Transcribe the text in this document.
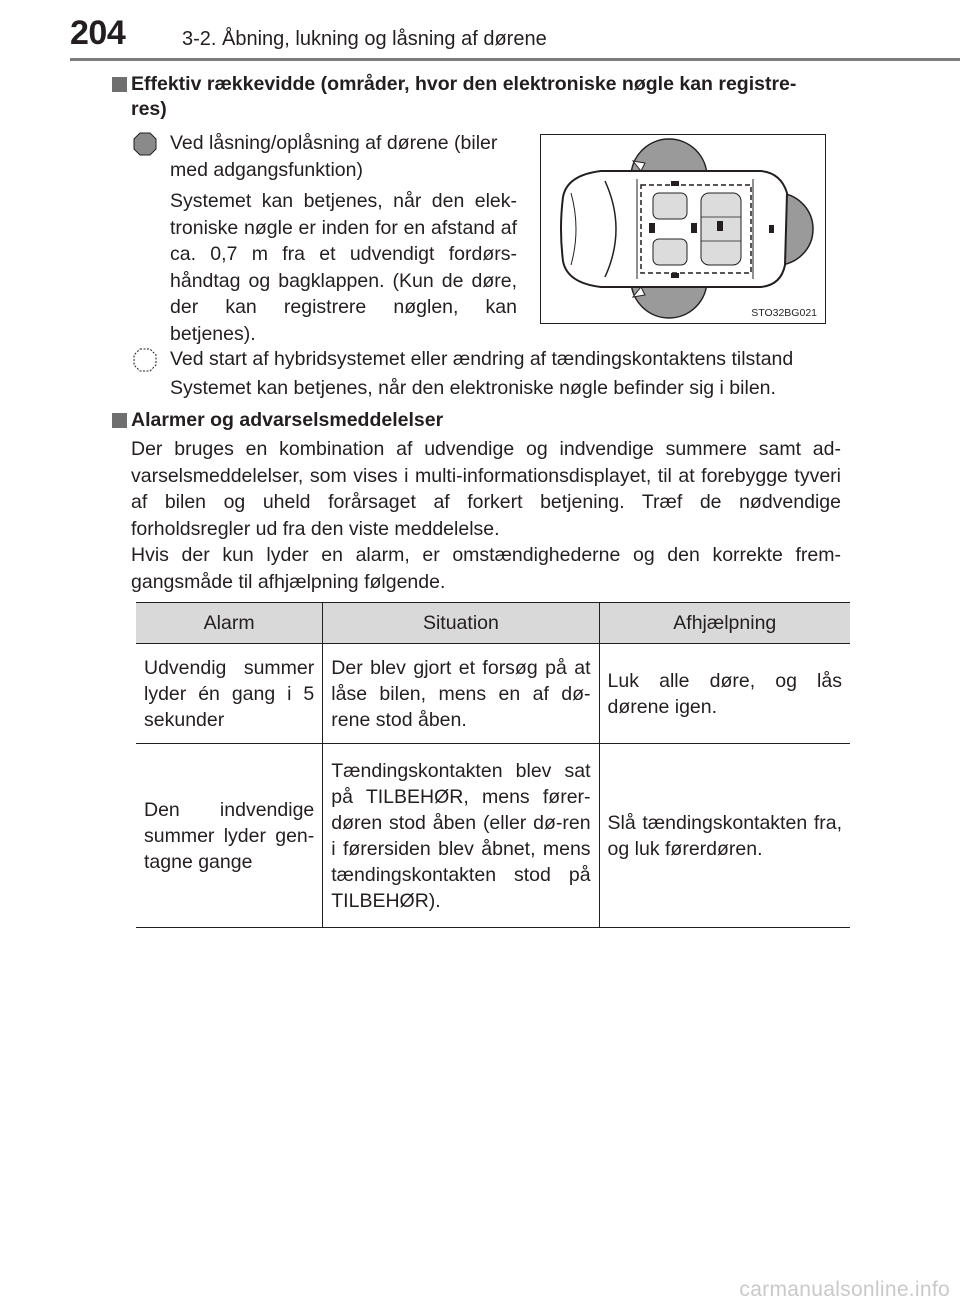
204	3-2. Åbning, lukning og låsning af dørene
Effektiv rækkevidde (områder, hvor den elektroniske nøgle kan registre-
res)
Ved låsning/oplåsning af dørene (biler
med adgangsfunktion)
Systemet kan betjenes, når den elek-troniske nøgle er inden for en afstand af ca. 0,7 m fra et udvendigt fordørs-håndtag og bagklappen. (Kun de døre, der kan registrere nøglen, kan betjenes).
STO32BG021
Ved start af hybridsystemet eller ændring af tændingskontaktens tilstand
Systemet kan betjenes, når den elektroniske nøgle befinder sig i bilen.
Alarmer og advarselsmeddelelser
Der bruges en kombination af udvendige og indvendige summere samt ad-varselsmeddelelser, som vises i multi-informationsdisplayet, til at forebygge tyveri af bilen og uheld forårsaget af forkert betjening. Træf de nødvendige forholdsregler ud fra den viste meddelelse.
Hvis der kun lyder en alarm, er omstændighederne og den korrekte frem-gangsmåde til afhjælpning følgende.
Alarm	Situation	Afhjælpning
Udvendig summer lyder én gang i 5 sekunder	Der blev gjort et forsøg på at låse bilen, mens en af dø-rene stod åben.	Luk alle døre, og lås dørene igen.
Den indvendige summer lyder gen-tagne gange	Tændingskontakten blev sat på TILBEHØR, mens fører-døren stod åben (eller dø-ren i førersiden blev åbnet, mens tændingskontakten stod på TILBEHØR).	Slå tændingskontakten fra, og luk førerdøren.
carmanualsonline.info
